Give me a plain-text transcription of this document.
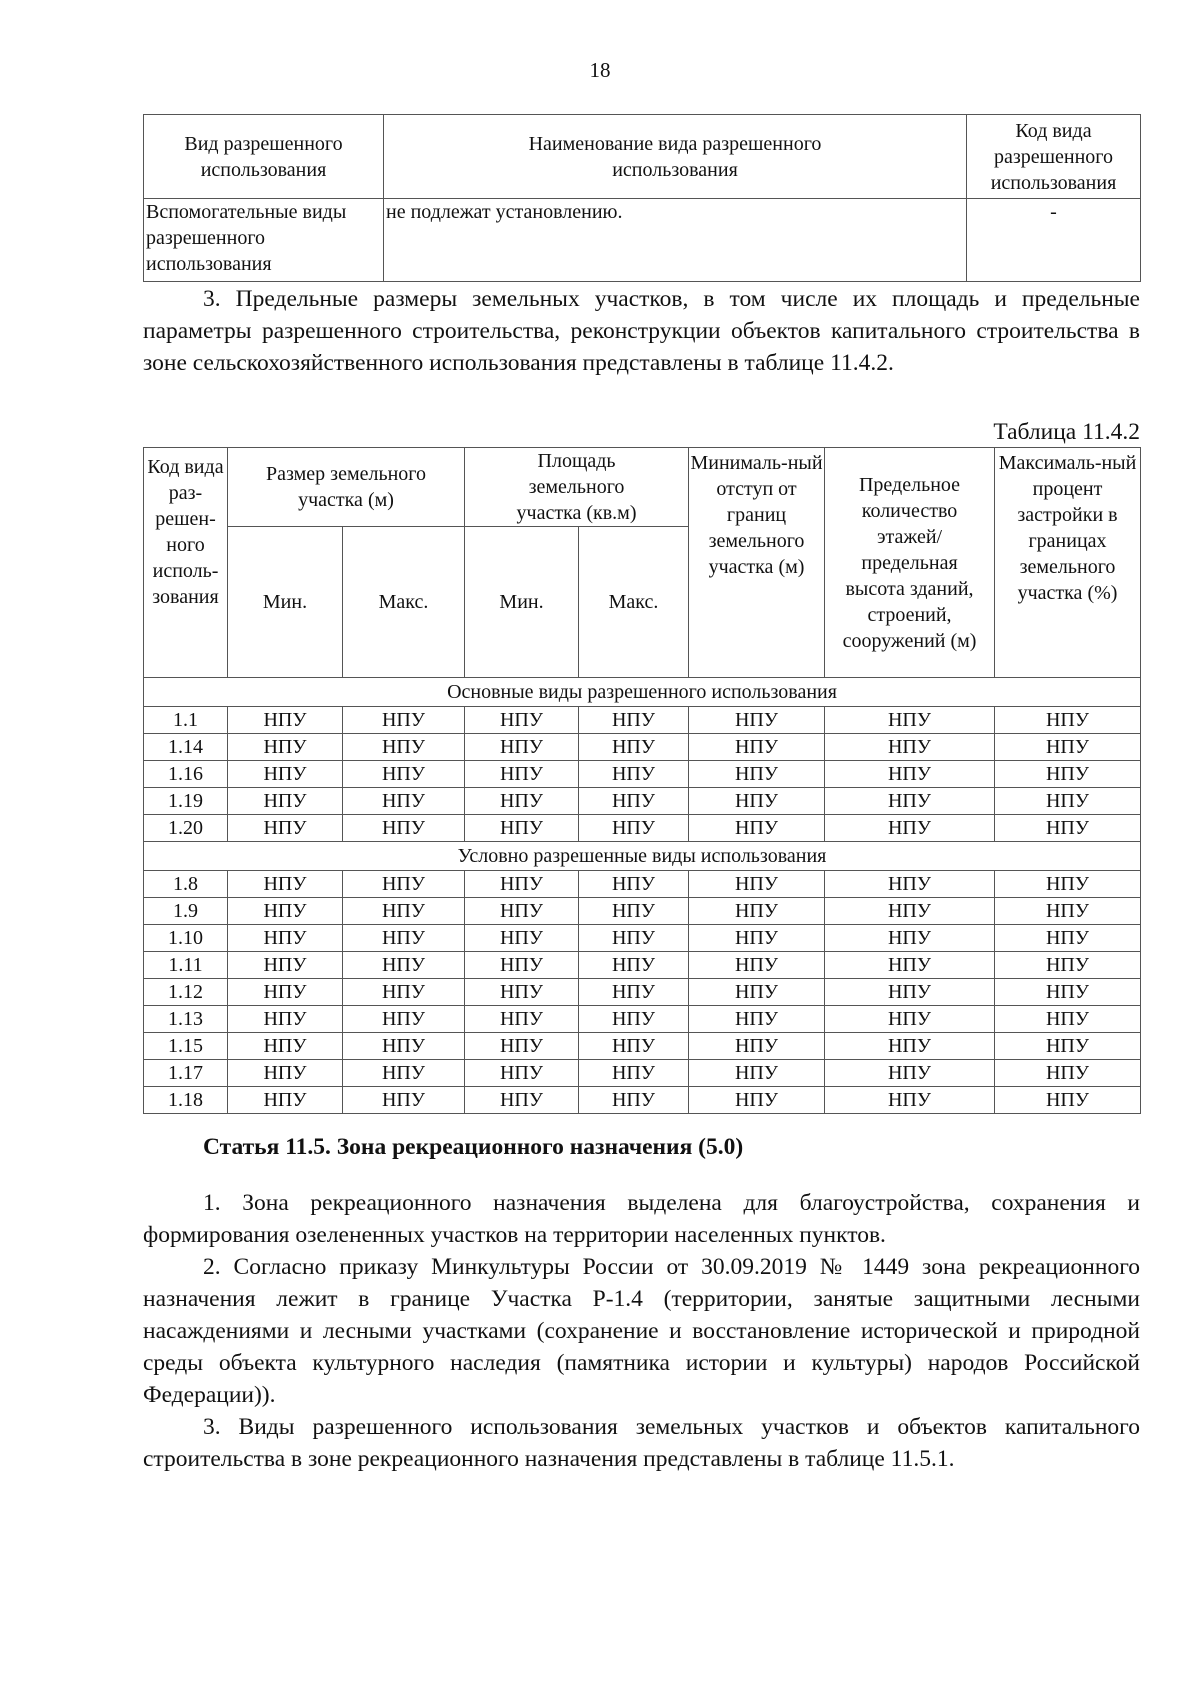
18
Вид разрешенного использования	Наименование вида разрешенного использования	Код вида разрешенного использования
Вспомогательные виды разрешенного использования	не подлежат установлению.	-

3. Предельные размеры земельных участков, в том числе их площадь и предельные параметры разрешенного строительства, реконструкции объектов капитального строительства в зоне сельскохозяйственного использования представлены в таблице 11.4.2.

Таблица 11.4.2
Код вида раз-решен-ного исполь-зования	Размер земельного участка (м)		Площадь земельного участка (кв.м)		Минималь-ный отступ от границ земельного участка (м)	Предельное количество этажей/ предельная высота зданий, строений, сооружений (м)	Максималь-ный процент застройки в границах земельного участка (%)
	Мин.	Макс.	Мин.	Макс.			
Основные виды разрешенного использования							
1.1	НПУ	НПУ	НПУ	НПУ	НПУ	НПУ	НПУ
1.14	НПУ	НПУ	НПУ	НПУ	НПУ	НПУ	НПУ
1.16	НПУ	НПУ	НПУ	НПУ	НПУ	НПУ	НПУ
1.19	НПУ	НПУ	НПУ	НПУ	НПУ	НПУ	НПУ
1.20	НПУ	НПУ	НПУ	НПУ	НПУ	НПУ	НПУ
Условно разрешенные виды использования							
1.8	НПУ	НПУ	НПУ	НПУ	НПУ	НПУ	НПУ
1.9	НПУ	НПУ	НПУ	НПУ	НПУ	НПУ	НПУ
1.10	НПУ	НПУ	НПУ	НПУ	НПУ	НПУ	НПУ
1.11	НПУ	НПУ	НПУ	НПУ	НПУ	НПУ	НПУ
1.12	НПУ	НПУ	НПУ	НПУ	НПУ	НПУ	НПУ
1.13	НПУ	НПУ	НПУ	НПУ	НПУ	НПУ	НПУ
1.15	НПУ	НПУ	НПУ	НПУ	НПУ	НПУ	НПУ
1.17	НПУ	НПУ	НПУ	НПУ	НПУ	НПУ	НПУ
1.18	НПУ	НПУ	НПУ	НПУ	НПУ	НПУ	НПУ
Статья 11.5. Зона рекреационного назначения (5.0)

1. Зона рекреационного назначения выделена для благоустройства, сохранения и формирования озелененных участков на территории населенных пунктов.

2. Согласно приказу Минкультуры России от 30.09.2019 № 1449 зона рекреационного назначения лежит в границе Участка Р-1.4 (территории, занятые защитными лесными насаждениями и лесными участками (сохранение и восстановление исторической и природной среды объекта культурного наследия (памятника истории и культуры) народов Российской Федерации)).

3. Виды разрешенного использования земельных участков и объектов капитального строительства в зоне рекреационного назначения представлены в таблице 11.5.1.
